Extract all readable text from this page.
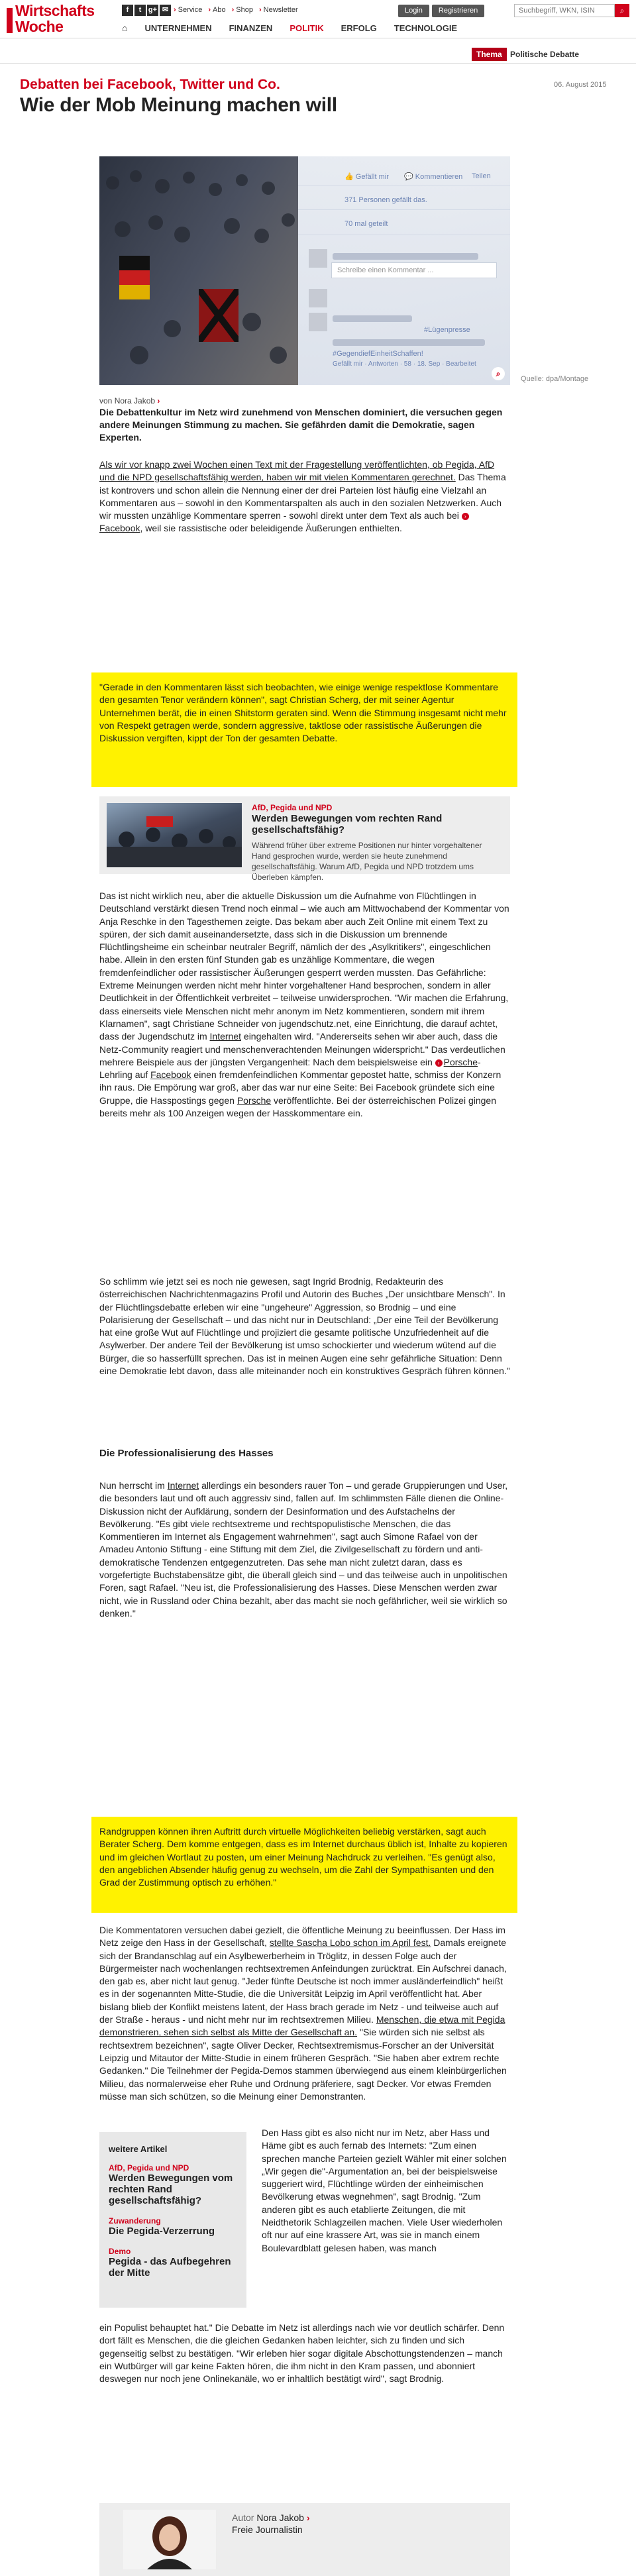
Wirtschafts
Woche
f	t g+ ✉ › Service › Abo › Shop › Newsletter	Login	Registrieren
Suchbegriff, WKN, ISIN	⌕
⌂ UNTERNEHMEN FINANZEN POLITIK ERFOLG TECHNOLOGIE
Thema	Politische Debatte
Debatten bei Facebook, Twitter und Co.	06. August 2015
Wie der Mob Meinung machen will
👍 Gefällt mir 💬 Kommentieren Teilen
371 Personen gefällt das.
70 mal geteilt
Schreibe einen Kommentar ...
#Lügenpresse
#GegendiefEinheitSchaffen!
Gefällt mir · Antworten · 58 · 18. Sep · Bearbeitet
⌕
Quelle: dpa/Montage
von Nora Jakob ›

Die Debattenkultur im Netz wird zunehmend von Menschen dominiert, die versuchen gegen andere Meinungen Stimmung zu machen. Sie gefährden damit die Demokratie, sagen Experten.

Als wir vor knapp zwei Wochen einen Text mit der Fragestellung veröffentlichten, ob Pegida, AfD und die NPD gesellschaftsfähig werden, haben wir mit vielen Kommentaren gerechnet. Das Thema ist kontrovers und schon allein die Nennung einer der drei Parteien löst häufig eine Vielzahl an Kommentaren aus – sowohl in den Kommentarspalten als auch in den sozialen Netzwerken. Auch wir mussten unzählige Kommentare sperren - sowohl direkt unter dem Text als auch bei ›Facebook, weil sie rassistische oder beleidigende Äußerungen enthielten.

"Gerade in den Kommentaren lässt sich beobachten, wie einige wenige respektlose Kommentare den gesamten Tenor verändern können", sagt Christian Scherg, der mit seiner Agentur Unternehmen berät, die in einen Shitstorm geraten sind. Wenn die Stimmung insgesamt nicht mehr von Respekt getragen werde, sondern aggressive, taktlose oder rassistische Äußerungen die Diskussion vergiften, kippt der Ton der gesamten Debatte.
AfD, Pegida und NPD
Werden Bewegungen vom rechten Rand gesellschaftsfähig?
Während früher über extreme Positionen nur hinter vorgehaltener Hand gesprochen wurde, werden sie heute zunehmend gesellschaftsfähig. Warum AfD, Pegida und NPD trotzdem ums Überleben kämpfen.

Das ist nicht wirklich neu, aber die aktuelle Diskussion um die Aufnahme von Flüchtlingen in Deutschland verstärkt diesen Trend noch einmal – wie auch am Mittwochabend der Kommentar von Anja Reschke in den Tagesthemen zeigte. Das bekam aber auch Zeit Online mit einem Text zu spüren, der sich damit auseinandersetzte, dass sich in die Diskussion um brennende Flüchtlingsheime ein scheinbar neutraler Begriff, nämlich der des „Asylkritikers", eingeschlichen habe. Allein in den ersten fünf Stunden gab es unzählige Kommentare, die wegen fremdenfeindlicher oder rassistischer Äußerungen gesperrt werden mussten. Das Gefährliche: Extreme Meinungen werden nicht mehr hinter vorgehaltener Hand besprochen, sondern in aller Deutlichkeit in der Öffentlichkeit verbreitet – teilweise unwidersprochen. "Wir machen die Erfahrung, dass einerseits viele Menschen nicht mehr anonym im Netz kommentieren, sondern mit ihrem Klarnamen", sagt Christiane Schneider von jugendschutz.net, eine Einrichtung, die darauf achtet, dass der Jugendschutz im Internet eingehalten wird. "Andererseits sehen wir aber auch, dass die Netz-Community reagiert und menschenverachtenden Meinungen widerspricht." Das verdeutlichen mehrere Beispiele aus der jüngsten Vergangenheit: Nach dem beispielsweise ein › Porsche-Lehrling auf Facebook einen fremdenfeindlichen Kommentar gepostet hatte, schmiss der Konzern ihn raus. Die Empörung war groß, aber das war nur eine Seite: Bei Facebook gründete sich eine Gruppe, die Hasspostings gegen Porsche veröffentlichte. Bei der österreichischen Polizei gingen bereits mehr als 100 Anzeigen wegen der Hasskommentare ein.

So schlimm wie jetzt sei es noch nie gewesen, sagt Ingrid Brodnig, Redakteurin des österreichischen Nachrichtenmagazins Profil und Autorin des Buches „Der unsichtbare Mensch". In der Flüchtlingsdebatte erleben wir eine "ungeheure" Aggression, so Brodnig – und eine Polarisierung der Gesellschaft – und das nicht nur in Deutschland: „Der eine Teil der Bevölkerung hat eine große Wut auf Flüchtlinge und projiziert die gesamte politische Unzufriedenheit auf die Asylwerber. Der andere Teil der Bevölkerung ist umso schockierter und wiederum wütend auf die Bürger, die so hasserfüllt sprechen. Das ist in meinen Augen eine sehr gefährliche Situation: Denn eine Demokratie lebt davon, dass alle miteinander noch ein konstruktives Gespräch führen können."

Die Professionalisierung des Hasses

Nun herrscht im Internet allerdings ein besonders rauer Ton – und gerade Gruppierungen und User, die besonders laut und oft auch aggressiv sind, fallen auf. Im schlimmsten Fälle dienen die Online-Diskussion nicht der Aufklärung, sondern der Desinformation und des Aufstachelns der Bevölkerung. "Es gibt viele rechtsextreme und rechtspopulistische Menschen, die das Kommentieren im Internet als Engagement wahrnehmen", sagt auch Simone Rafael von der Amadeu Antonio Stiftung - eine Stiftung mit dem Ziel, die Zivilgesellschaft zu fördern und anti-demokratische Tendenzen entgegenzutreten. Das sehe man nicht zuletzt daran, dass es vorgefertigte Buchstabensätze gibt, die überall gleich sind – und das teilweise auch in unpolitischen Foren, sagt Rafael. "Neu ist, die Professionalisierung des Hasses. Diese Menschen werden zwar nicht, wie in Russland oder China bezahlt, aber das macht sie noch gefährlicher, weil sie wirklich so denken."

Randgruppen können ihren Auftritt durch virtuelle Möglichkeiten beliebig verstärken, sagt auch Berater Scherg. Dem komme entgegen, dass es im Internet durchaus üblich ist, Inhalte zu kopieren und im gleichen Wortlaut zu posten, um einer Meinung Nachdruck zu verleihen. "Es genügt also, den angeblichen Absender häufig genug zu wechseln, um die Zahl der Sympathisanten und den Grad der Zustimmung optisch zu erhöhen."

Die Kommentatoren versuchen dabei gezielt, die öffentliche Meinung zu beeinflussen. Der Hass im Netz zeige den Hass in der Gesellschaft, stellte Sascha Lobo schon im April fest. Damals ereignete sich der Brandanschlag auf ein Asylbewerberheim in Tröglitz, in dessen Folge auch der Bürgermeister nach wochenlangen rechtsextremen Anfeindungen zurücktrat. Ein Aufschrei danach, den gab es, aber nicht laut genug. "Jeder fünfte Deutsche ist noch immer ausländerfeindlich" heißt es in der sogenannten Mitte-Studie, die die Universität Leipzig im April veröffentlicht hat. Aber bislang blieb der Konflikt meistens latent, der Hass brach gerade im Netz - und teilweise auch auf der Straße - heraus - und nicht mehr nur im rechtsextremen Milieu. Menschen, die etwa mit Pegida demonstrieren, sehen sich selbst als Mitte der Gesellschaft an. "Sie würden sich nie selbst als rechtsextrem bezeichnen", sagte Oliver Decker, Rechtsextremismus-Forscher an der Universität Leipzig und Mitautor der Mitte-Studie in einem früheren Gespräch. "Sie haben aber extrem rechte Gedanken." Die Teilnehmer der Pegida-Demos stammen überwiegend aus einem kleinbürgerlichen Milieu, das normalerweise eher Ruhe und Ordnung präferiere, sagt Decker. Vor etwas Fremden müsse man sich schützen, so die Meinung einer Demonstranten.

weitere Artikel
AfD, Pegida und NPD
Werden Bewegungen vom rechten Rand gesellschaftsfähig?
Zuwanderung
Die Pegida-Verzerrung
Demo
Pegida - das Aufbegehren der Mitte

Den Hass gibt es also nicht nur im Netz, aber Hass und Häme gibt es auch fernab des Internets: "Zum einen sprechen manche Parteien gezielt Wähler mit einer solchen „Wir gegen die"-Argumentation an, bei der beispielsweise suggeriert wird, Flüchtlinge würden der einheimischen Bevölkerung etwas wegnehmen", sagt Brodnig. "Zum anderen gibt es auch etablierte Zeitungen, die mit Neidthetorik Schlagzeilen machen. Viele User wiederholen oft nur auf eine krassere Art, was sie in manch einem Boulevardblatt gelesen haben, was manch

ein Populist behauptet hat." Die Debatte im Netz ist allerdings nach wie vor deutlich schärfer. Denn dort fällt es Menschen, die die gleichen Gedanken haben leichter, sich zu finden und sich gegenseitig selbst zu bestätigen. "Wir erleben hier sogar digitale Abschottungstendenzen – manch ein Wutbürger will gar keine Fakten hören, die ihm nicht in den Kram passen, und abonniert deswegen nur noch jene Onlinekanäle, wo er inhaltlich bestätigt wird", sagt Brodnig.

Autor Nora Jakob ›
Freie Journalistin
